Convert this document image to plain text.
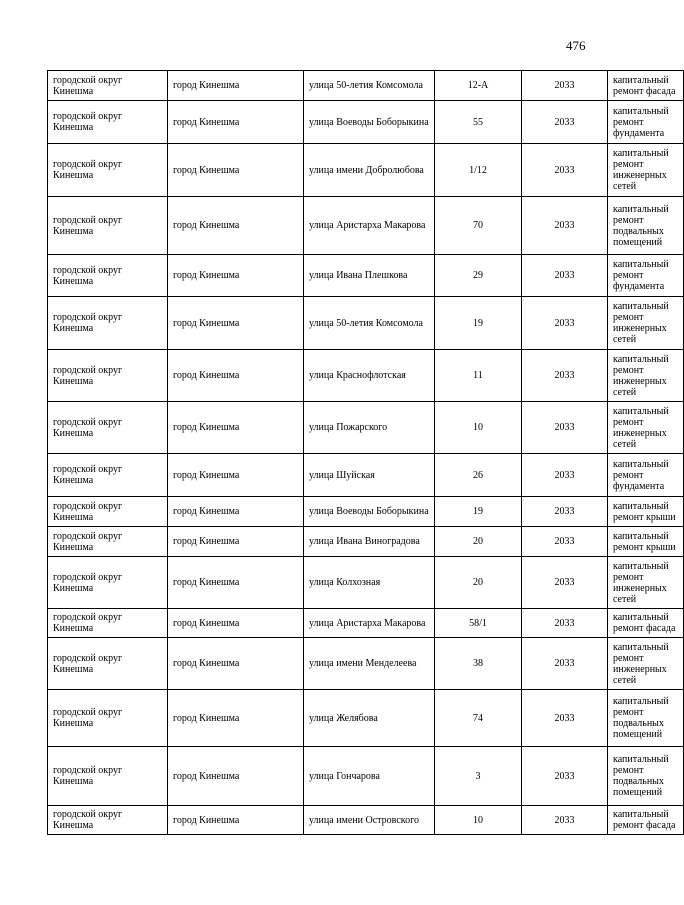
476
городской округ Кинешма	город Кинешма	улица 50-летия Комсомола	12-А	2033	капитальный ремонт фасада
городской округ Кинешма	город Кинешма	улица Воеводы Боборыкина	55	2033	капитальный ремонт фундамента
городской округ Кинешма	город Кинешма	улица имени Добролюбова	1/12	2033	капитальный ремонт инженерных сетей
городской округ Кинешма	город Кинешма	улица Аристарха Макарова	70	2033	капитальный ремонт подвальных помещений
городской округ Кинешма	город Кинешма	улица Ивана Плешкова	29	2033	капитальный ремонт фундамента
городской округ Кинешма	город Кинешма	улица 50-летия Комсомола	19	2033	капитальный ремонт инженерных сетей
городской округ Кинешма	город Кинешма	улица Краснофлотская	11	2033	капитальный ремонт инженерных сетей
городской округ Кинешма	город Кинешма	улица Пожарского	10	2033	капитальный ремонт инженерных сетей
городской округ Кинешма	город Кинешма	улица Шуйская	26	2033	капитальный ремонт фундамента
городской округ Кинешма	город Кинешма	улица Воеводы Боборыкина	19	2033	капитальный ремонт крыши
городской округ Кинешма	город Кинешма	улица Ивана Виноградова	20	2033	капитальный ремонт крыши
городской округ Кинешма	город Кинешма	улица Колхозная	20	2033	капитальный ремонт инженерных сетей
городской округ Кинешма	город Кинешма	улица Аристарха Макарова	58/1	2033	капитальный ремонт фасада
городской округ Кинешма	город Кинешма	улица имени Менделеева	38	2033	капитальный ремонт инженерных сетей
городской округ Кинешма	город Кинешма	улица Желябова	74	2033	капитальный ремонт подвальных помещений
городской округ Кинешма	город Кинешма	улица Гончарова	3	2033	капитальный ремонт подвальных помещений
городской округ Кинешма	город Кинешма	улица имени Островского	10	2033	капитальный ремонт фасада
